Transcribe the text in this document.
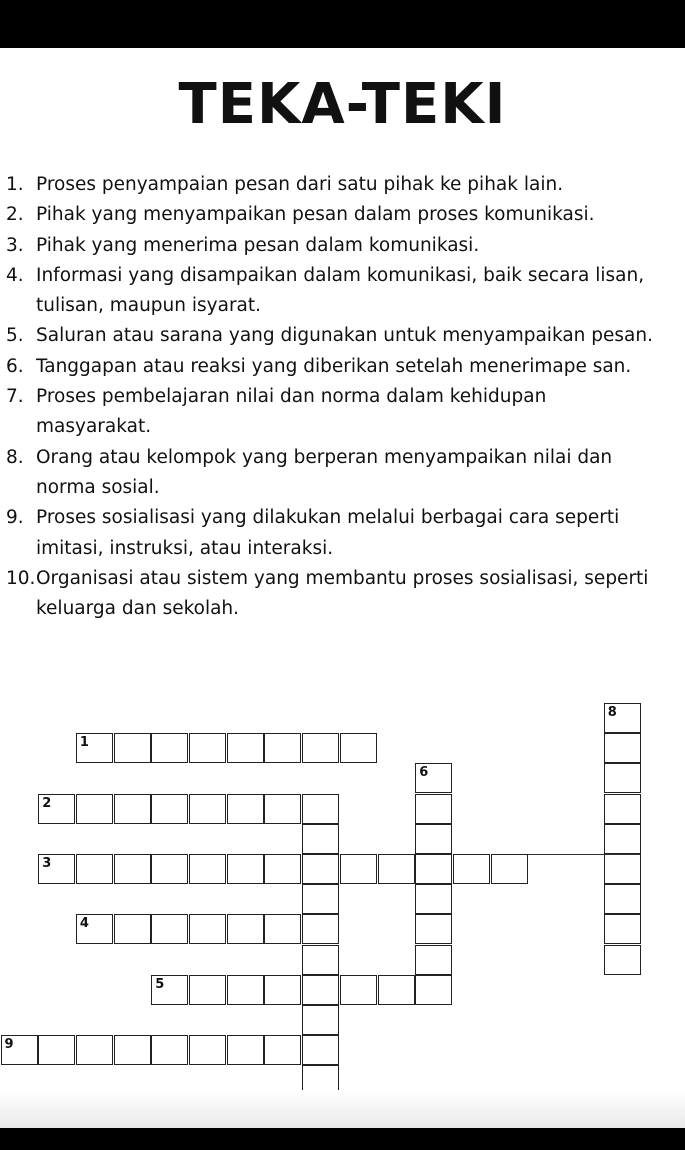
TEKA-TEKI
1. Proses penyampaian pesan dari satu pihak ke pihak lain.
2. Pihak yang menyampaikan pesan dalam proses komunikasi.
3. Pihak yang menerima pesan dalam komunikasi.
4. Informasi yang disampaikan dalam komunikasi, baik secara lisan, tulisan, maupun isyarat.
5. Saluran atau sarana yang digunakan untuk menyampaikan pesan.
6. Tanggapan atau reaksi yang diberikan setelah menerimape san.
7. Proses pembelajaran nilai dan norma dalam kehidupan masyarakat.
8. Orang atau kelompok yang berperan menyampaikan nilai dan norma sosial.
9. Proses sosialisasi yang dilakukan melalui berbagai cara seperti imitasi, instruksi, atau interaksi.
10. Organisasi atau sistem yang membantu proses sosialisasi, seperti keluarga dan sekolah.
1
2
3
4
5
9
6
8
